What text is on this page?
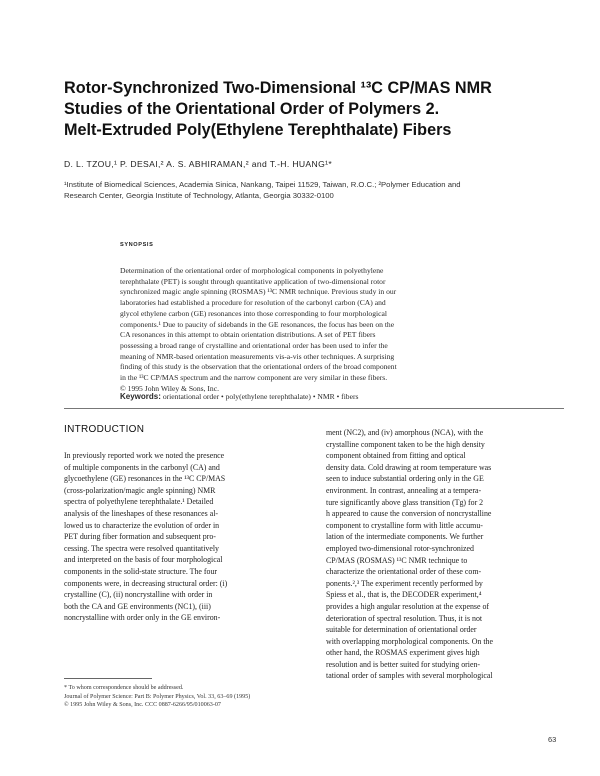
Rotor-Synchronized Two-Dimensional ¹³C CP/MAS NMR
Studies of the Orientational Order of Polymers 2.
Melt-Extruded Poly(Ethylene Terephthalate) Fibers
D. L. TZOU,¹ P. DESAI,² A. S. ABHIRAMAN,² and T.-H. HUANG¹*
¹Institute of Biomedical Sciences, Academia Sinica, Nankang, Taipei 11529, Taiwan, R.O.C.; ²Polymer Education and
Research Center, Georgia Institute of Technology, Atlanta, Georgia 30332-0100
SYNOPSIS
Determination of the orientational order of morphological components in polyethylene
terephthalate (PET) is sought through quantitative application of two-dimensional rotor
synchronized magic angle spinning (ROSMAS) ¹³C NMR technique. Previous study in our
laboratories had established a procedure for resolution of the carbonyl carbon (CA) and
glycol ethylene carbon (GE) resonances into those corresponding to four morphological
components.¹ Due to paucity of sidebands in the GE resonances, the focus has been on the
CA resonances in this attempt to obtain orientation distributions. A set of PET fibers
possessing a broad range of crystalline and orientational order has been used to infer the
meaning of NMR-based orientation measurements vis-a-vis other techniques. A surprising
finding of this study is the observation that the orientational orders of the broad component
in the ¹³C CP/MAS spectrum and the narrow component are very similar in these fibers.
© 1995 John Wiley & Sons, Inc.
Keywords: orientational order • poly(ethylene terephthalate) • NMR • fibers
INTRODUCTION
In previously reported work we noted the presence
of multiple components in the carbonyl (CA) and
glycoethylene (GE) resonances in the ¹³C CP/MAS
(cross-polarization/magic angle spinning) NMR
spectra of polyethylene terephthalate.¹ Detailed
analysis of the lineshapes of these resonances al-
lowed us to characterize the evolution of order in
PET during fiber formation and subsequent pro-
cessing. The spectra were resolved quantitatively
and interpreted on the basis of four morphological
components in the solid-state structure. The four
components were, in decreasing structural order: (i)
crystalline (C), (ii) noncrystalline with order in
both the CA and GE environments (NC1), (iii)
noncrystalline with order only in the GE environ-
ment (NC2), and (iv) amorphous (NCA), with the
crystalline component taken to be the high density
component obtained from fitting and optical
density data. Cold drawing at room temperature was
seen to induce substantial ordering only in the GE
environment. In contrast, annealing at a tempera-
ture significantly above glass transition (Tg) for 2
h appeared to cause the conversion of noncrystalline
component to crystalline form with little accumu-
lation of the intermediate components. We further
employed two-dimensional rotor-synchronized
CP/MAS (ROSMAS) ¹³C NMR technique to
characterize the orientational order of these com-
ponents.²,³ The experiment recently performed by
Spiess et al., that is, the DECODER experiment,⁴
provides a high angular resolution at the expense of
deterioration of spectral resolution. Thus, it is not
suitable for determination of orientational order
with overlapping morphological components. On the
other hand, the ROSMAS experiment gives high
resolution and is better suited for studying orien-
tational order of samples with several morphological
* To whom correspondence should be addressed.
Journal of Polymer Science: Part B: Polymer Physics, Vol. 33, 63–69 (1995)
© 1995 John Wiley & Sons, Inc. CCC 0887-6266/95/010063-07
63
